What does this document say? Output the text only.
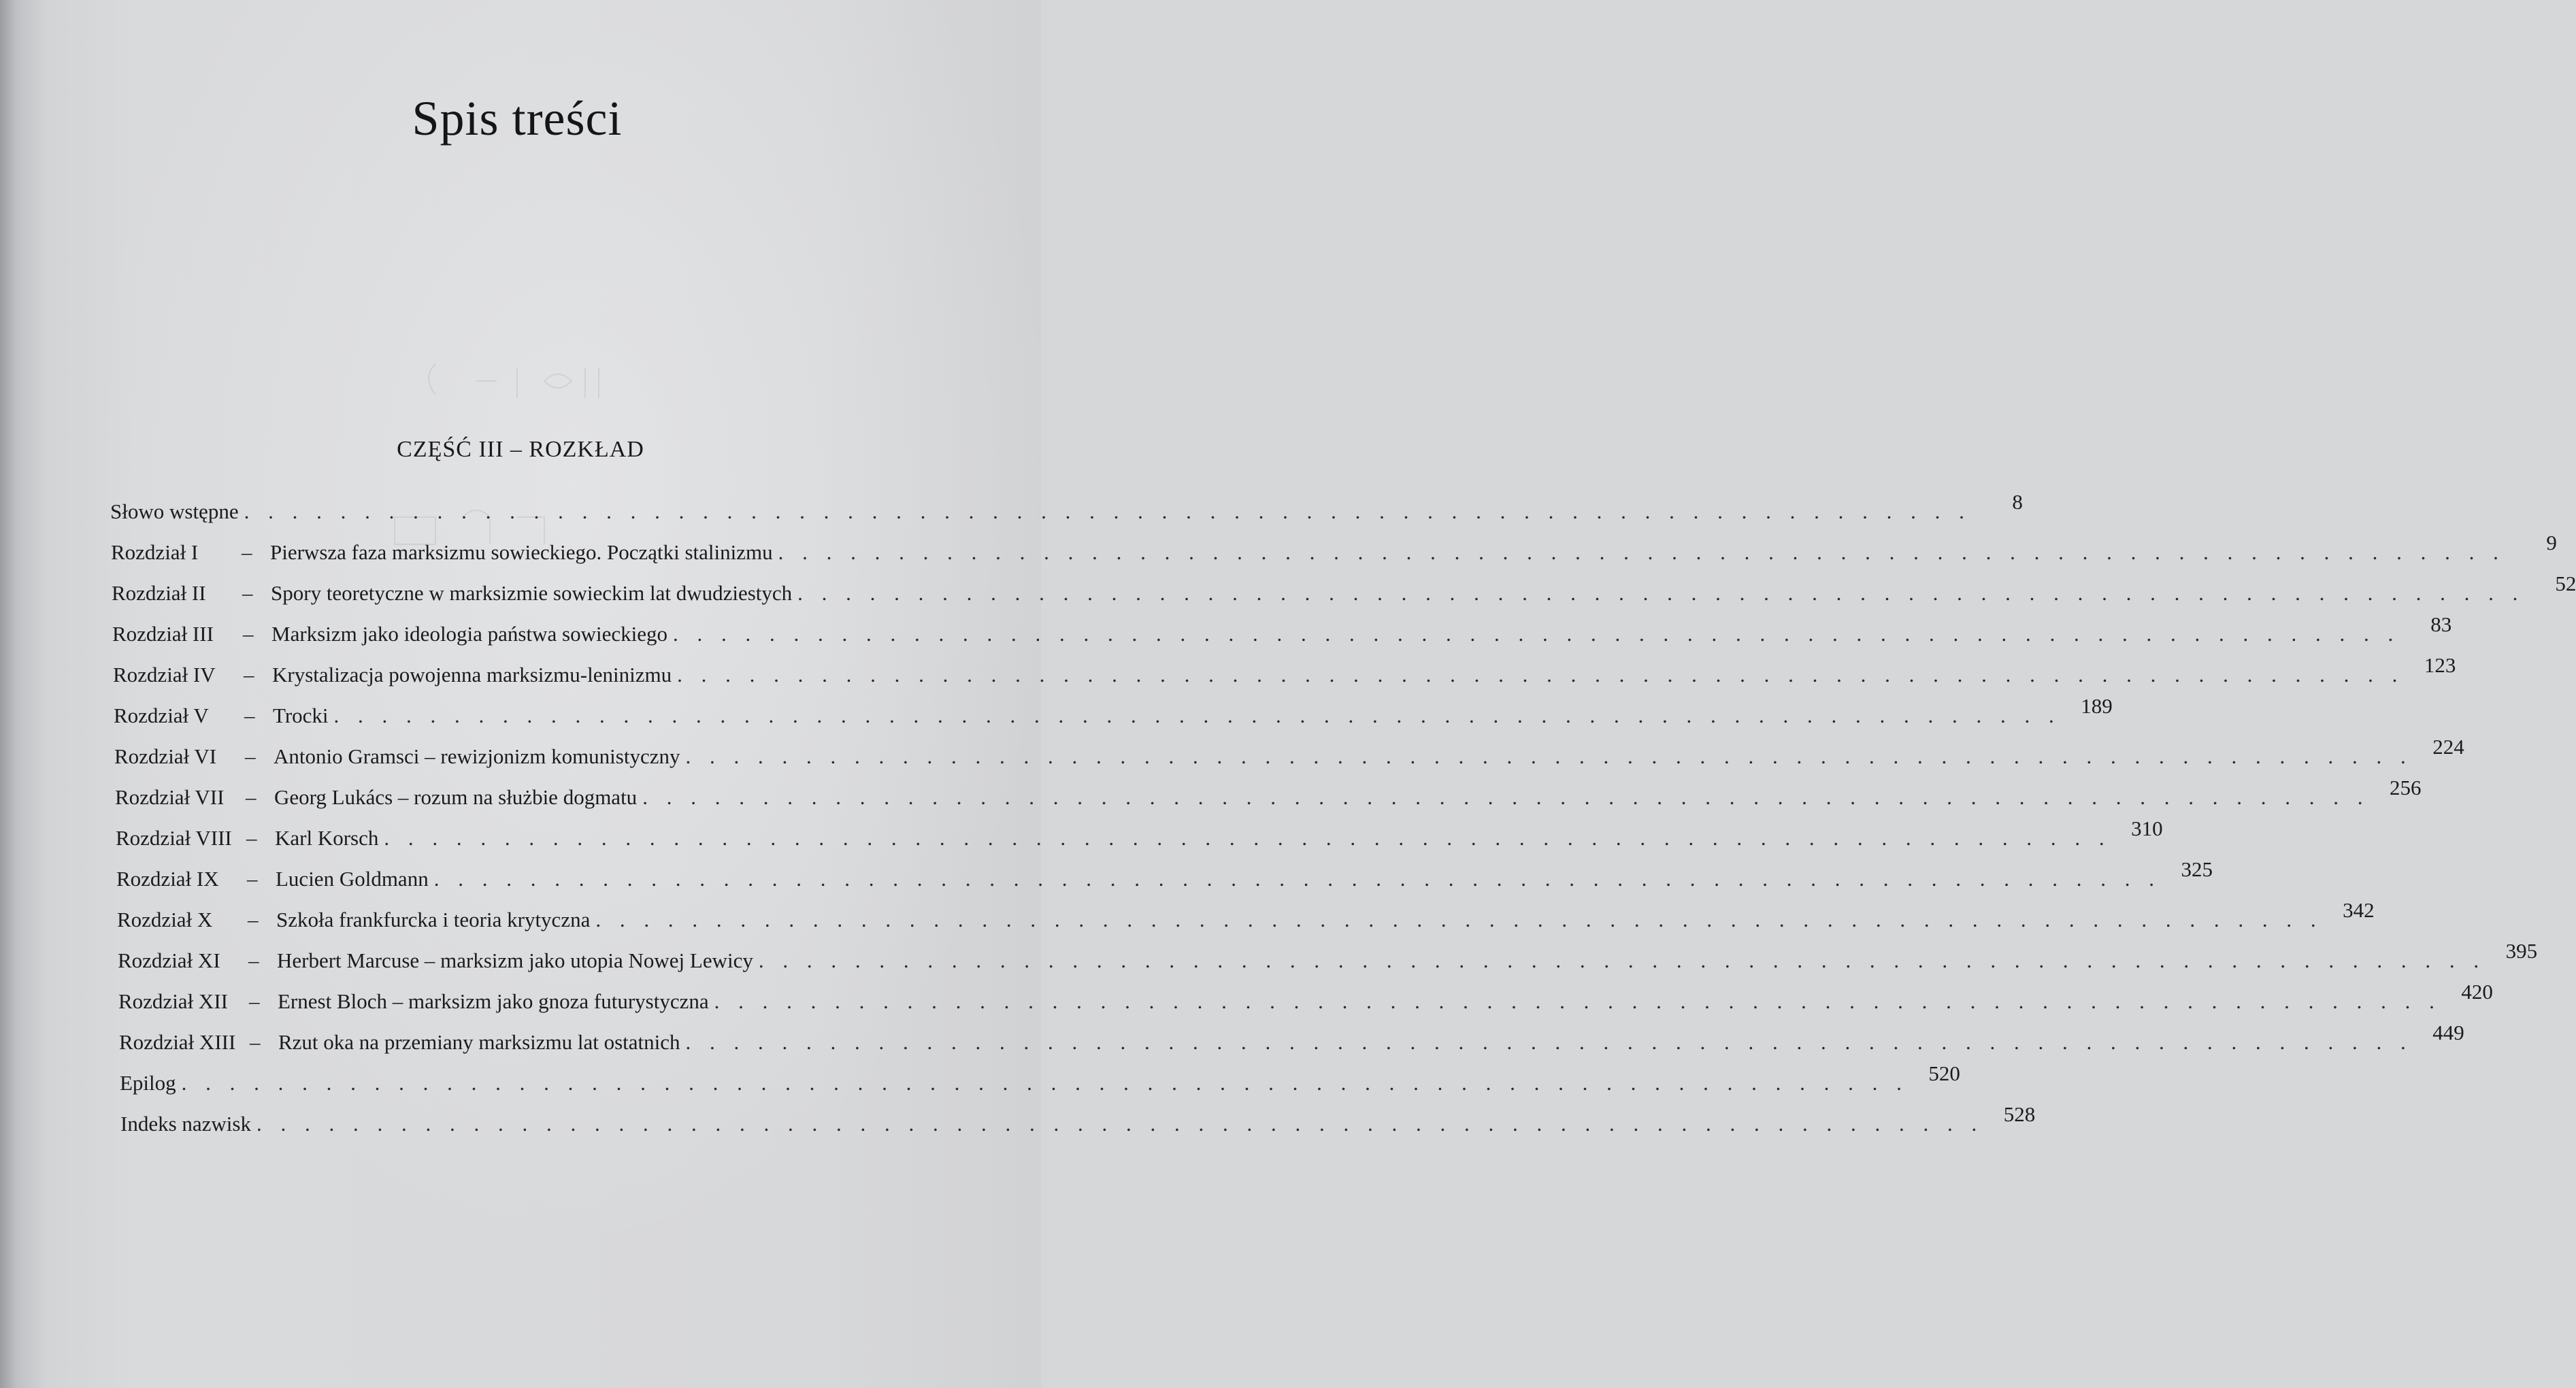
Spis treści
CZĘŚĆ III – ROZKŁAD
Słowo wstępne . . . . . . . . . . . . . . . . . . . . . . . . . . . . . . . . . . . . . . . . . . . . . . . . . . . . . . . . . . . . . . . . . . . . . . . .	8
Rozdział I	– Pierwsza faza marksizmu sowieckiego. Początki stalinizmu . . . . . . . . . . . . . . . . . . . . . . . . . . . . . . . . . . . . . . . . . . . . . . . . . . . . . . . . . . . . . . . . . . . . . . . .	9
Rozdział II	– Spory teoretyczne w marksizmie sowieckim lat dwudziestych . . . . . . . . . . . . . . . . . . . . . . . . . . . . . . . . . . . . . . . . . . . . . . . . . . . . . . . . . . . . . . . . . . . . . . . .	52
Rozdział III	– Marksizm jako ideologia państwa sowieckiego . . . . . . . . . . . . . . . . . . . . . . . . . . . . . . . . . . . . . . . . . . . . . . . . . . . . . . . . . . . . . . . . . . . . . . . .	83
Rozdział IV	– Krystalizacja powojenna marksizmu-leninizmu . . . . . . . . . . . . . . . . . . . . . . . . . . . . . . . . . . . . . . . . . . . . . . . . . . . . . . . . . . . . . . . . . . . . . . . . 123
Rozdział V	– Trocki . . . . . . . . . . . . . . . . . . . . . . . . . . . . . . . . . . . . . . . . . . . . . . . . . . . . . . . . . . . . . . . . . . . . . . . . 189
Rozdział VI	– Antonio Gramsci – rewizjonizm komunistyczny . . . . . . . . . . . . . . . . . . . . . . . . . . . . . . . . . . . . . . . . . . . . . . . . . . . . . . . . . . . . . . . . . . . . . . . . 224
Rozdział VII	– Georg Lukács – rozum na służbie dogmatu . . . . . . . . . . . . . . . . . . . . . . . . . . . . . . . . . . . . . . . . . . . . . . . . . . . . . . . . . . . . . . . . . . . . . . . . 256
Rozdział VIII – Karl Korsch . . . . . . . . . . . . . . . . . . . . . . . . . . . . . . . . . . . . . . . . . . . . . . . . . . . . . . . . . . . . . . . . . . . . . . . . 310
Rozdział IX	– Lucien Goldmann . . . . . . . . . . . . . . . . . . . . . . . . . . . . . . . . . . . . . . . . . . . . . . . . . . . . . . . . . . . . . . . . . . . . . . . . 325
Rozdział X	– Szkoła frankfurcka i teoria krytyczna . . . . . . . . . . . . . . . . . . . . . . . . . . . . . . . . . . . . . . . . . . . . . . . . . . . . . . . . . . . . . . . . . . . . . . . . 342
Rozdział XI	– Herbert Marcuse – marksizm jako utopia Nowej Lewicy . . . . . . . . . . . . . . . . . . . . . . . . . . . . . . . . . . . . . . . . . . . . . . . . . . . . . . . . . . . . . . . . . . . . . . . . 395
Rozdział XII	– Ernest Bloch – marksizm jako gnoza futurystyczna . . . . . . . . . . . . . . . . . . . . . . . . . . . . . . . . . . . . . . . . . . . . . . . . . . . . . . . . . . . . . . . . . . . . . . . . 420
Rozdział XIII – Rzut oka na przemiany marksizmu lat ostatnich . . . . . . . . . . . . . . . . . . . . . . . . . . . . . . . . . . . . . . . . . . . . . . . . . . . . . . . . . . . . . . . . . . . . . . . . 449
Epilog . . . . . . . . . . . . . . . . . . . . . . . . . . . . . . . . . . . . . . . . . . . . . . . . . . . . . . . . . . . . . . . . . . . . . . . . 520
Indeks nazwisk . . . . . . . . . . . . . . . . . . . . . . . . . . . . . . . . . . . . . . . . . . . . . . . . . . . . . . . . . . . . . . . . . . . . . . . . 528
